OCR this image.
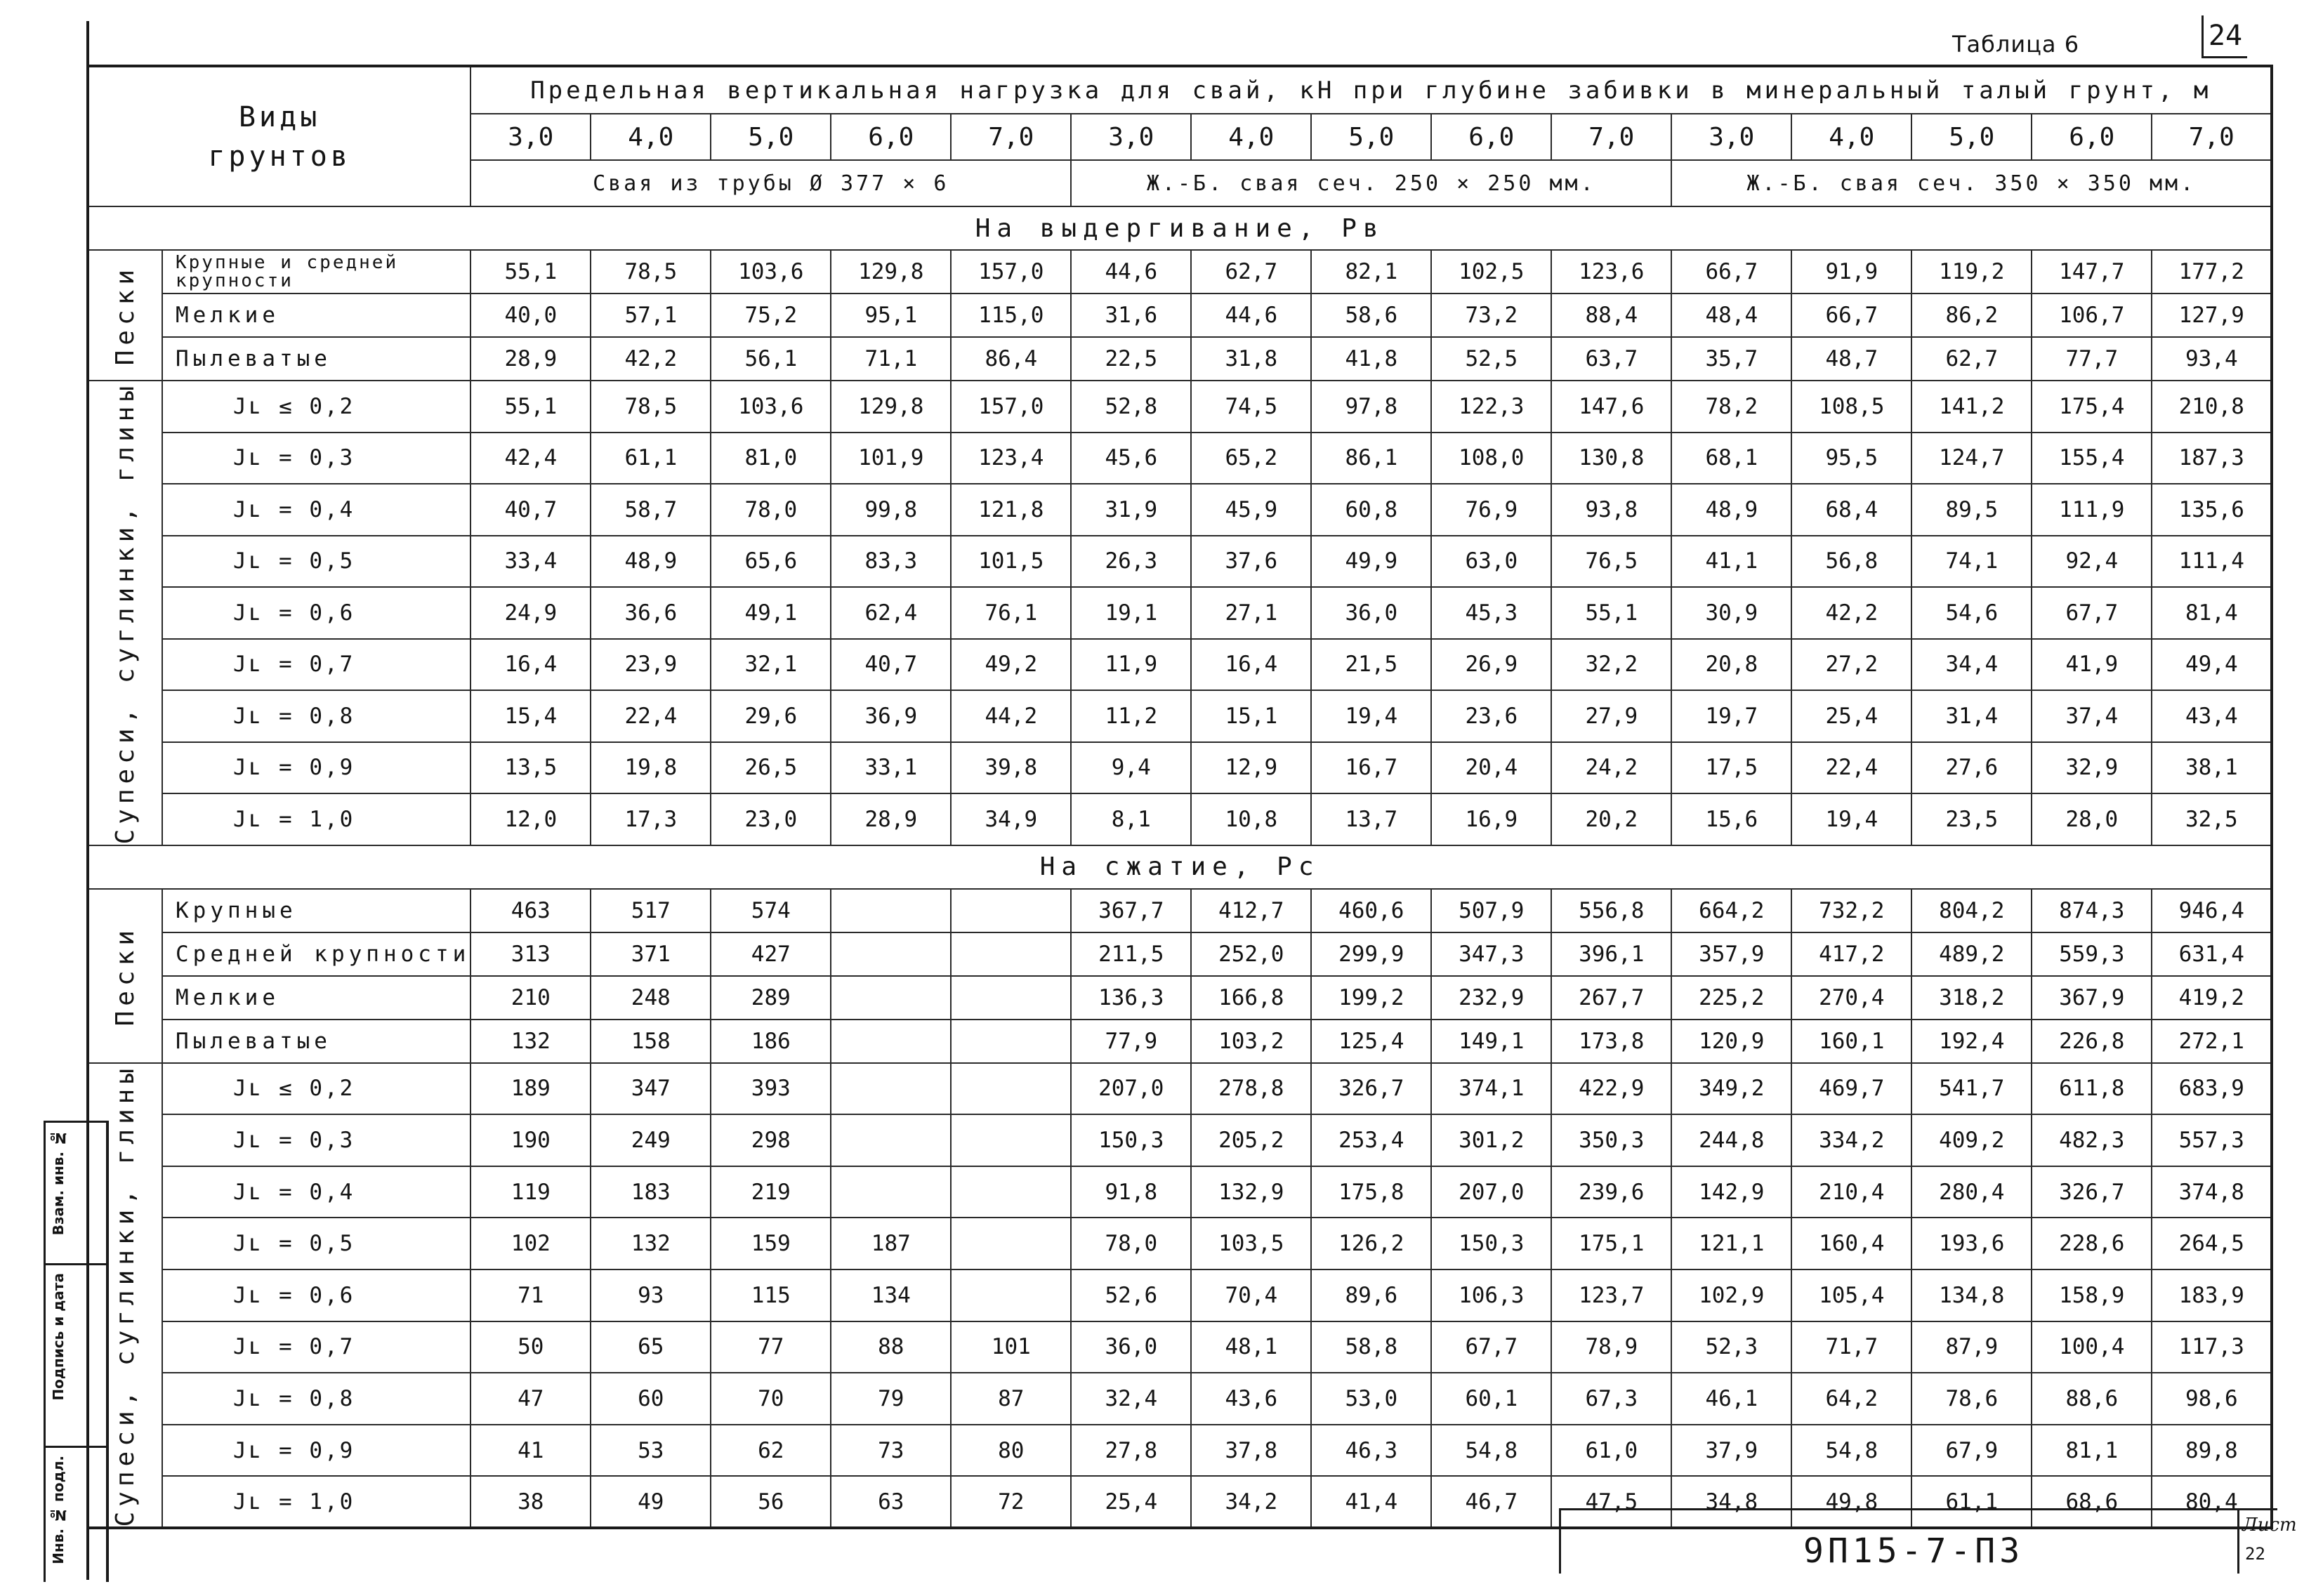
24
Таблица 6
Виды грунтов		Предельная вертикальная нагрузка для свай, кН при глубине забивки в минеральный талый грунт, м														
		3,0	4,0	5,0	6,0	7,0	3,0	4,0	5,0	6,0	7,0	3,0	4,0	5,0	6,0	7,0
		Свая из трубы Ø 377 × 6					Ж.-Б. свая сеч. 250 × 250 мм.					Ж.-Б. свая сеч. 350 × 350 мм.				
На выдергивание, Pв																

Пески	Крупные и средней крупности	55,1	78,5	103,6	129,8	157,0	44,6	62,7	82,1	102,5	123,6	66,7	91,9	119,2	147,7	177,2
	Мелкие	40,0	57,1	75,2	95,1	115,0	31,6	44,6	58,6	73,2	88,4	48,4	66,7	86,2	106,7	127,9
	Пылеватые	28,9	42,2	56,1	71,1	86,4	22,5	31,8	41,8	52,5	63,7	35,7	48,7	62,7	77,7	93,4

Супеси, суглинки, глины	Jʟ ≤ 0,2	55,1	78,5	103,6	129,8	157,0	52,8	74,5	97,8	122,3	147,6	78,2	108,5	141,2	175,4	210,8
	Jʟ = 0,3	42,4	61,1	81,0	101,9	123,4	45,6	65,2	86,1	108,0	130,8	68,1	95,5	124,7	155,4	187,3
	Jʟ = 0,4	40,7	58,7	78,0	99,8	121,8	31,9	45,9	60,8	76,9	93,8	48,9	68,4	89,5	111,9	135,6
	Jʟ = 0,5	33,4	48,9	65,6	83,3	101,5	26,3	37,6	49,9	63,0	76,5	41,1	56,8	74,1	92,4	111,4
	Jʟ = 0,6	24,9	36,6	49,1	62,4	76,1	19,1	27,1	36,0	45,3	55,1	30,9	42,2	54,6	67,7	81,4
	Jʟ = 0,7	16,4	23,9	32,1	40,7	49,2	11,9	16,4	21,5	26,9	32,2	20,8	27,2	34,4	41,9	49,4
	Jʟ = 0,8	15,4	22,4	29,6	36,9	44,2	11,2	15,1	19,4	23,6	27,9	19,7	25,4	31,4	37,4	43,4
	Jʟ = 0,9	13,5	19,8	26,5	33,1	39,8	9,4	12,9	16,7	20,4	24,2	17,5	22,4	27,6	32,9	38,1
	Jʟ = 1,0	12,0	17,3	23,0	28,9	34,9	8,1	10,8	13,7	16,9	20,2	15,6	19,4	23,5	28,0	32,5
На сжатие, Pс																

Пески	Крупные	463	517	574			367,7	412,7	460,6	507,9	556,8	664,2	732,2	804,2	874,3	946,4
	Средней крупности	313	371	427			211,5	252,0	299,9	347,3	396,1	357,9	417,2	489,2	559,3	631,4
	Мелкие	210	248	289			136,3	166,8	199,2	232,9	267,7	225,2	270,4	318,2	367,9	419,2
	Пылеватые	132	158	186			77,9	103,2	125,4	149,1	173,8	120,9	160,1	192,4	226,8	272,1

Супеси, суглинки, глины	Jʟ ≤ 0,2	189	347	393			207,0	278,8	326,7	374,1	422,9	349,2	469,7	541,7	611,8	683,9
	Jʟ = 0,3	190	249	298			150,3	205,2	253,4	301,2	350,3	244,8	334,2	409,2	482,3	557,3
	Jʟ = 0,4	119	183	219			91,8	132,9	175,8	207,0	239,6	142,9	210,4	280,4	326,7	374,8
	Jʟ = 0,5	102	132	159	187		78,0	103,5	126,2	150,3	175,1	121,1	160,4	193,6	228,6	264,5
	Jʟ = 0,6	71	93	115	134		52,6	70,4	89,6	106,3	123,7	102,9	105,4	134,8	158,9	183,9
	Jʟ = 0,7	50	65	77	88	101	36,0	48,1	58,8	67,7	78,9	52,3	71,7	87,9	100,4	117,3
	Jʟ = 0,8	47	60	70	79	87	32,4	43,6	53,0	60,1	67,3	46,1	64,2	78,6	88,6	98,6
	Jʟ = 0,9	41	53	62	73	80	27,8	37,8	46,3	54,8	61,0	37,9	54,8	67,9	81,1	89,8
	Jʟ = 1,0	38	49	56	63	72	25,4	34,2	41,4	46,7	47,5	34,8	49,8	61,1	68,6	80,4
Взам. инв. №
Подпись и дата
Инв. № подл.	9П15-7-П3
Лист
22
